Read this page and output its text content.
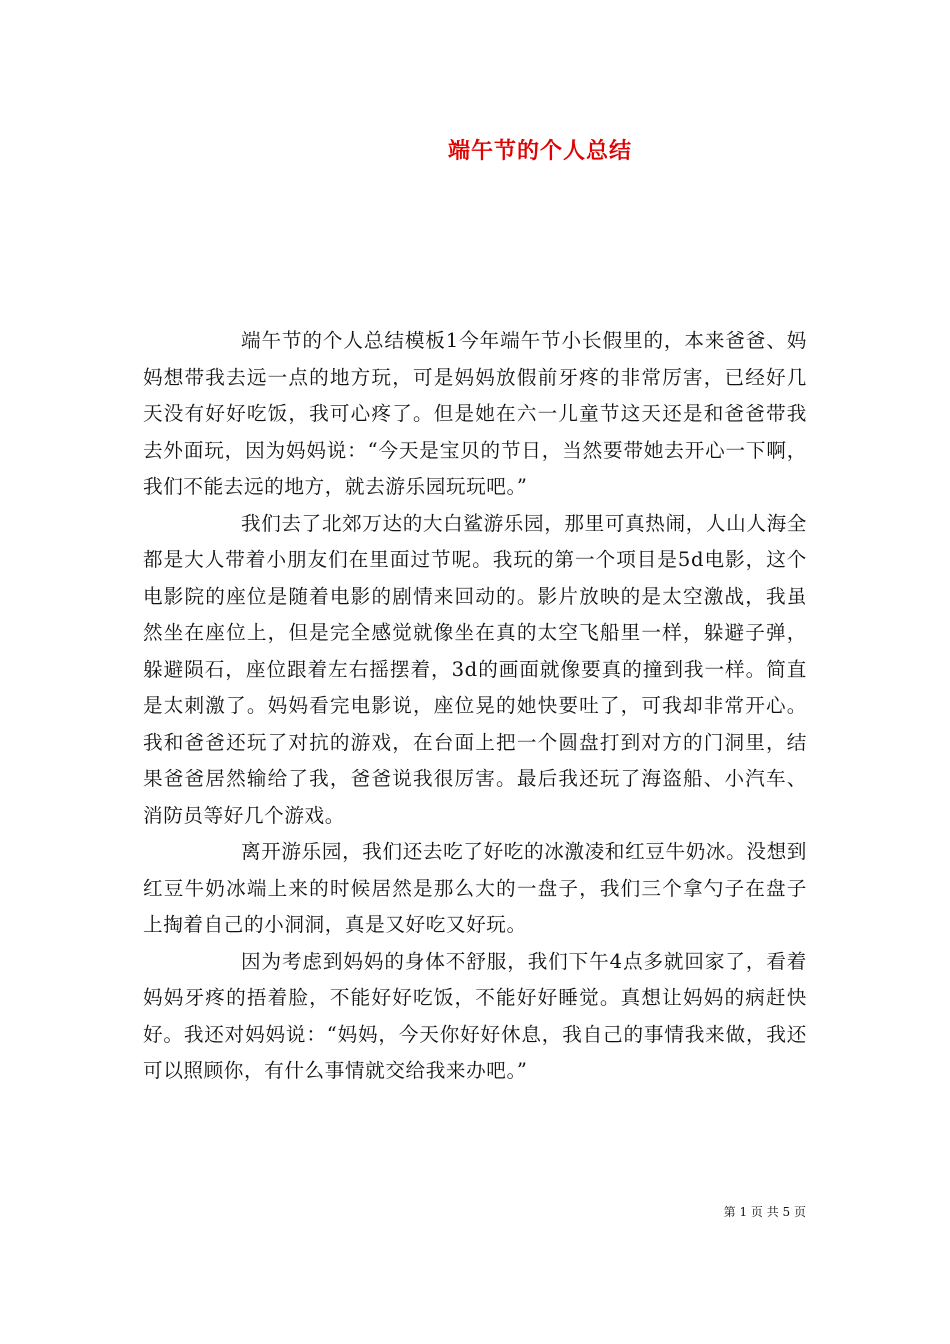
端午节的个人总结

端午节的个人总结模板1今年端午节小长假里的，本来爸爸、妈妈想带我去远一点的地方玩，可是妈妈放假前牙疼的非常厉害，已经好几天没有好好吃饭，我可心疼了。但是她在六一儿童节这天还是和爸爸带我去外面玩，因为妈妈说：“今天是宝贝的节日，当然要带她去开心一下啊，我们不能去远的地方，就去游乐园玩玩吧。”

我们去了北郊万达的大白鲨游乐园，那里可真热闹，人山人海全都是大人带着小朋友们在里面过节呢。我玩的第一个项目是5d电影，这个电影院的座位是随着电影的剧情来回动的。影片放映的是太空激战，我虽然坐在座位上，但是完全感觉就像坐在真的太空飞船里一样，躲避子弹，躲避陨石，座位跟着左右摇摆着，3d的画面就像要真的撞到我一样。简直是太刺激了。妈妈看完电影说，座位晃的她快要吐了，可我却非常开心。我和爸爸还玩了对抗的游戏，在台面上把一个圆盘打到对方的门洞里，结果爸爸居然输给了我，爸爸说我很厉害。最后我还玩了海盗船、小汽车、消防员等好几个游戏。

离开游乐园，我们还去吃了好吃的冰激凌和红豆牛奶冰。没想到红豆牛奶冰端上来的时候居然是那么大的一盘子，我们三个拿勺子在盘子上掏着自己的小洞洞，真是又好吃又好玩。

因为考虑到妈妈的身体不舒服，我们下午4点多就回家了，看着妈妈牙疼的捂着脸，不能好好吃饭，不能好好睡觉。真想让妈妈的病赶快好。我还对妈妈说：“妈妈，今天你好好休息，我自己的事情我来做，我还可以照顾你，有什么事情就交给我来办吧。”

第 1 页 共 5 页
